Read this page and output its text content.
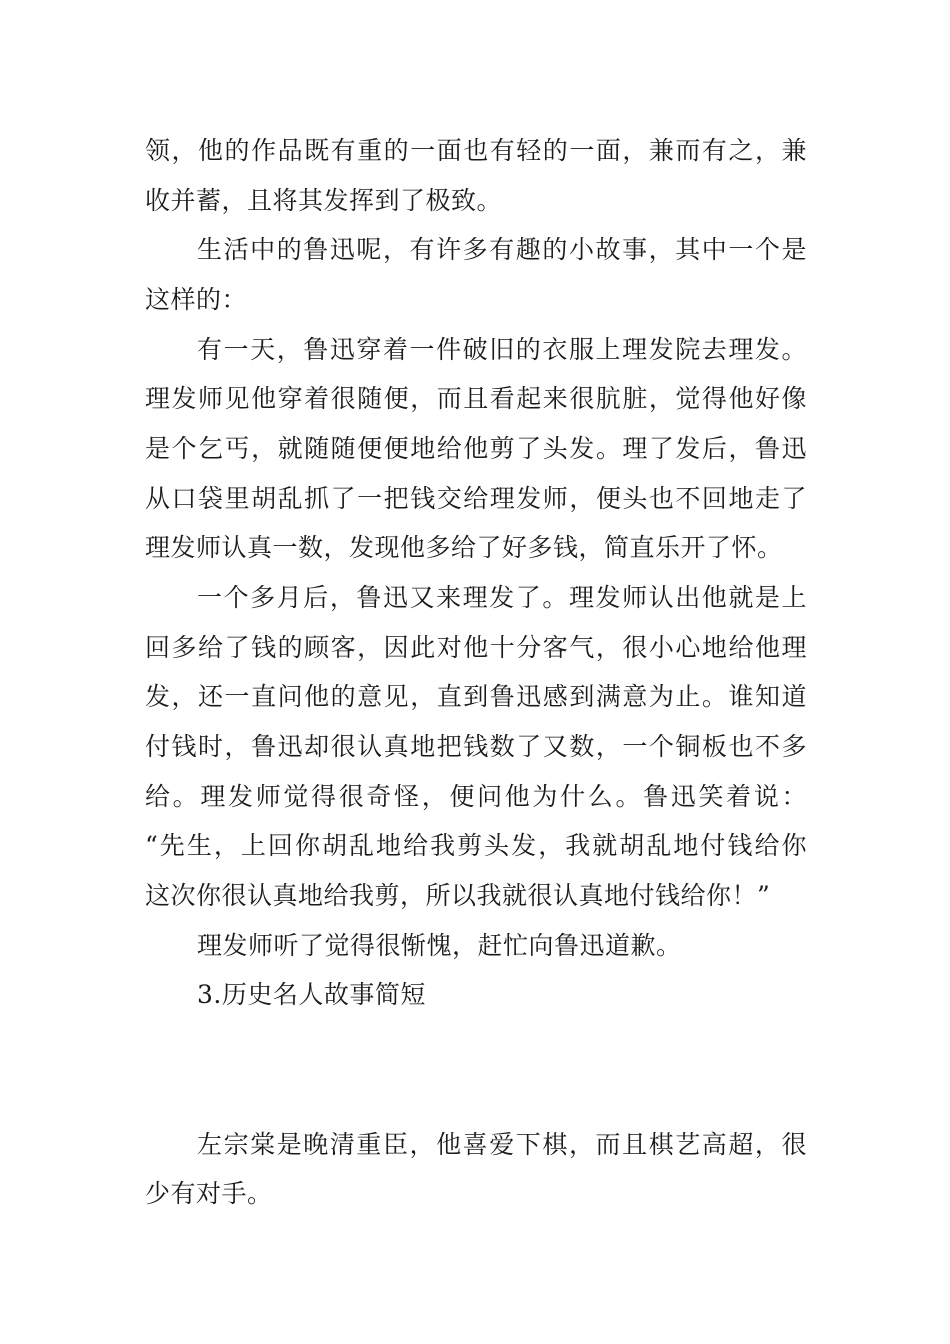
领，他的作品既有重的一面也有轻的一面，兼而有之，兼
收并蓄，且将其发挥到了极致。
生活中的鲁迅呢，有许多有趣的小故事，其中一个是
这样的：
有一天，鲁迅穿着一件破旧的衣服上理发院去理发。
理发师见他穿着很随便，而且看起来很肮脏，觉得他好像
是个乞丐，就随随便便地给他剪了头发。理了发后，鲁迅
从口袋里胡乱抓了一把钱交给理发师，便头也不回地走了
理发师认真一数，发现他多给了好多钱，简直乐开了怀。
一个多月后，鲁迅又来理发了。理发师认出他就是上
回多给了钱的顾客，因此对他十分客气，很小心地给他理
发，还一直问他的意见，直到鲁迅感到满意为止。谁知道
付钱时，鲁迅却很认真地把钱数了又数，一个铜板也不多
给。理发师觉得很奇怪，便问他为什么。鲁迅笑着说：
“先生，上回你胡乱地给我剪头发，我就胡乱地付钱给你
这次你很认真地给我剪，所以我就很认真地付钱给你！”
理发师听了觉得很惭愧，赶忙向鲁迅道歉。
3.历史名人故事简短
左宗棠是晚清重臣，他喜爱下棋，而且棋艺高超，很
少有对手。
